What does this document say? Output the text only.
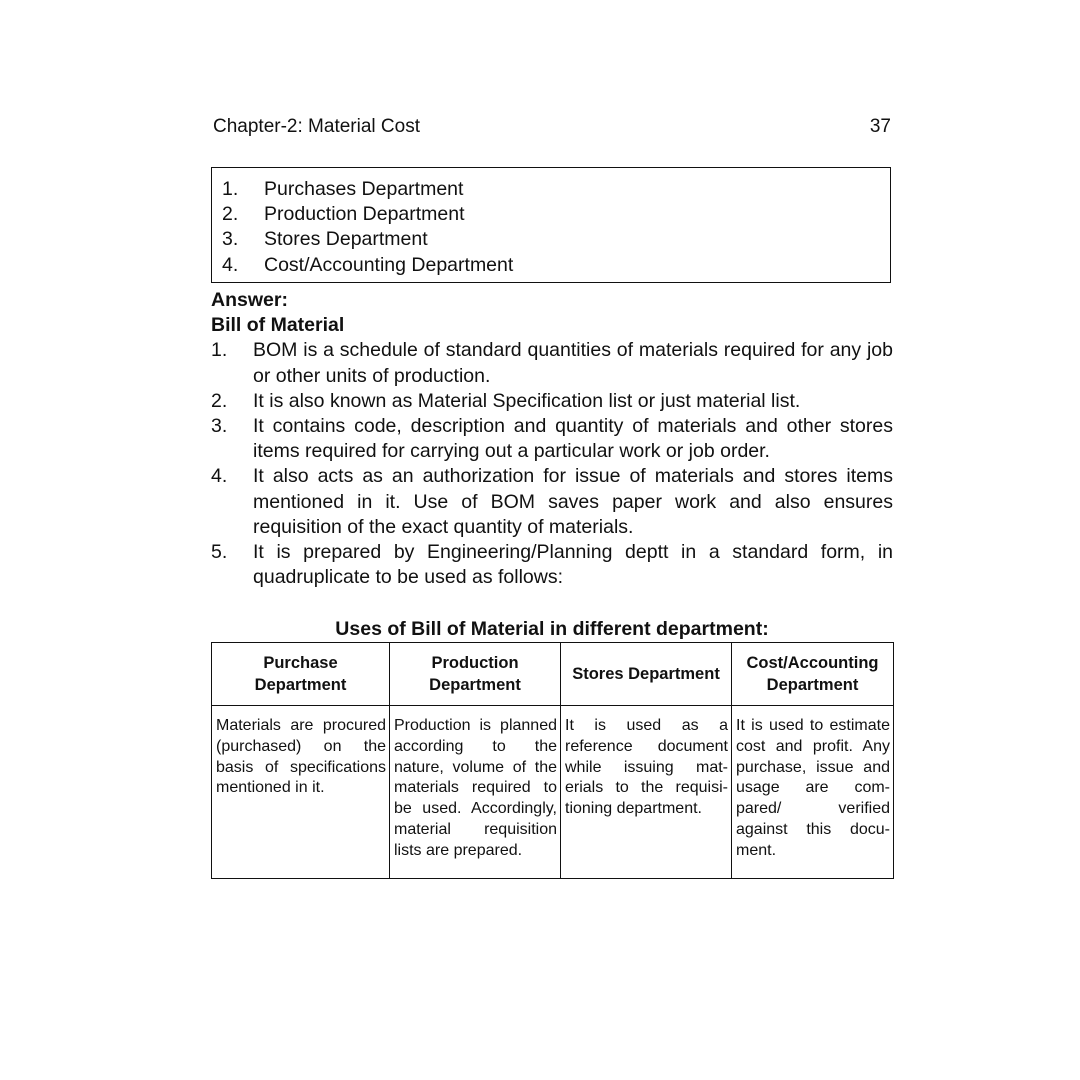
Chapter-2: Material Cost	37
1. Purchases Department
2. Production Department
3. Stores Department
4. Cost/Accounting Department
Answer:
Bill of Material
1. BOM is a schedule of standard quantities of materials required for any job or other units of production.
2. It is also known as Material Specification list or just material list.
3. It contains code, description and quantity of materials and other stores items required for carrying out a particular work or job order.
4. It also acts as an authorization for issue of materials and stores items mentioned in it. Use of BOM saves paper work and also ensures requisition of the exact quantity of materials.
5. It is prepared by Engineering/Planning deptt in a standard form, in quadruplicate to be used as follows:
Uses of Bill of Material in different department:
Purchase Department	Production Department	Stores Department	Cost/Accounting Department
Materials are procured (purchased) on the basis of specifications mentioned in it.	Production is planned according to the nature, volume of the materials required to be used. Accordingly, material requisition lists are prepared.	It is used as a reference document while issuing mat-erials to the requisi-tioning department.	It is used to estimate cost and profit. Any purchase, issue and usage are com-pared/ verified against this docu-ment.
